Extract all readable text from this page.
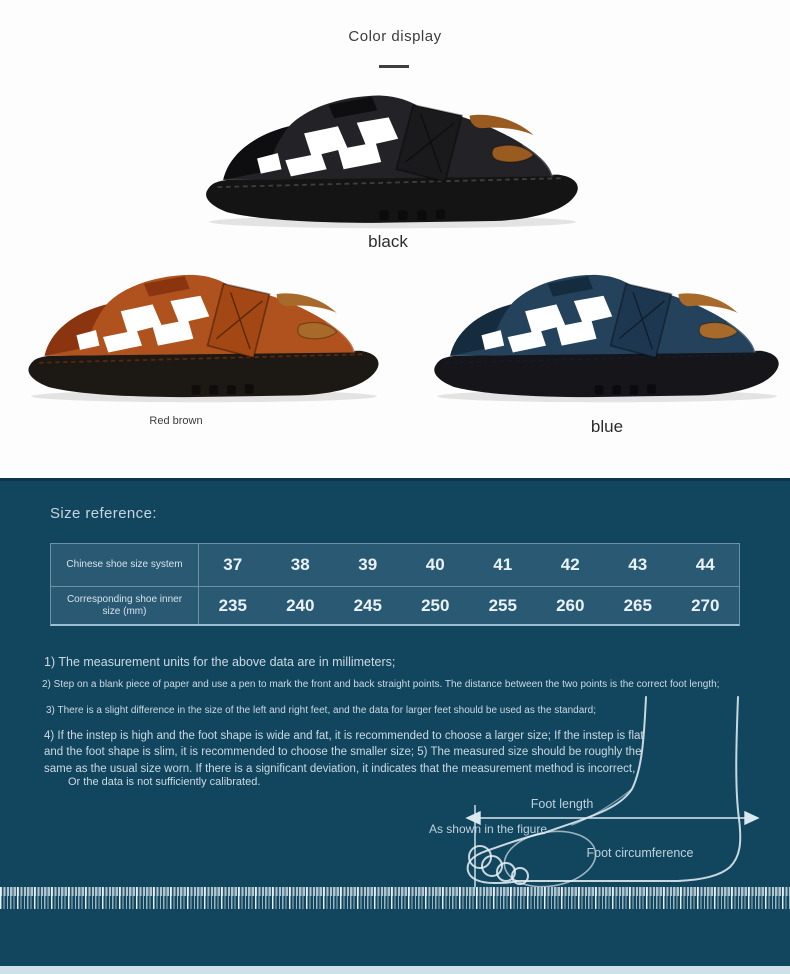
Color display
black
Red brown	blue
Size reference:
Chinese shoe size system	37	38	39	40	41	42	43	44
Corresponding shoe inner size (mm)	235	240	245	250	255	260	265	270
1) The measurement units for the above data are in millimeters;
2) Step on a blank piece of paper and use a pen to mark the front and back straight points. The distance between the two points is the correct foot length;
3) There is a slight difference in the size of the left and right feet, and the data for larger feet should be used as the standard;
4) If the instep is high and the foot shape is wide and fat, it is recommended to choose a larger size; If the instep is flat and the foot shape is slim, it is recommended to choose the smaller size; 5) The measured size should be roughly the same as the usual size worn. If there is a significant deviation, it indicates that the measurement method is incorrect,
Or the data is not sufficiently calibrated.
Foot length
As shown in the figure
Foot circumference
